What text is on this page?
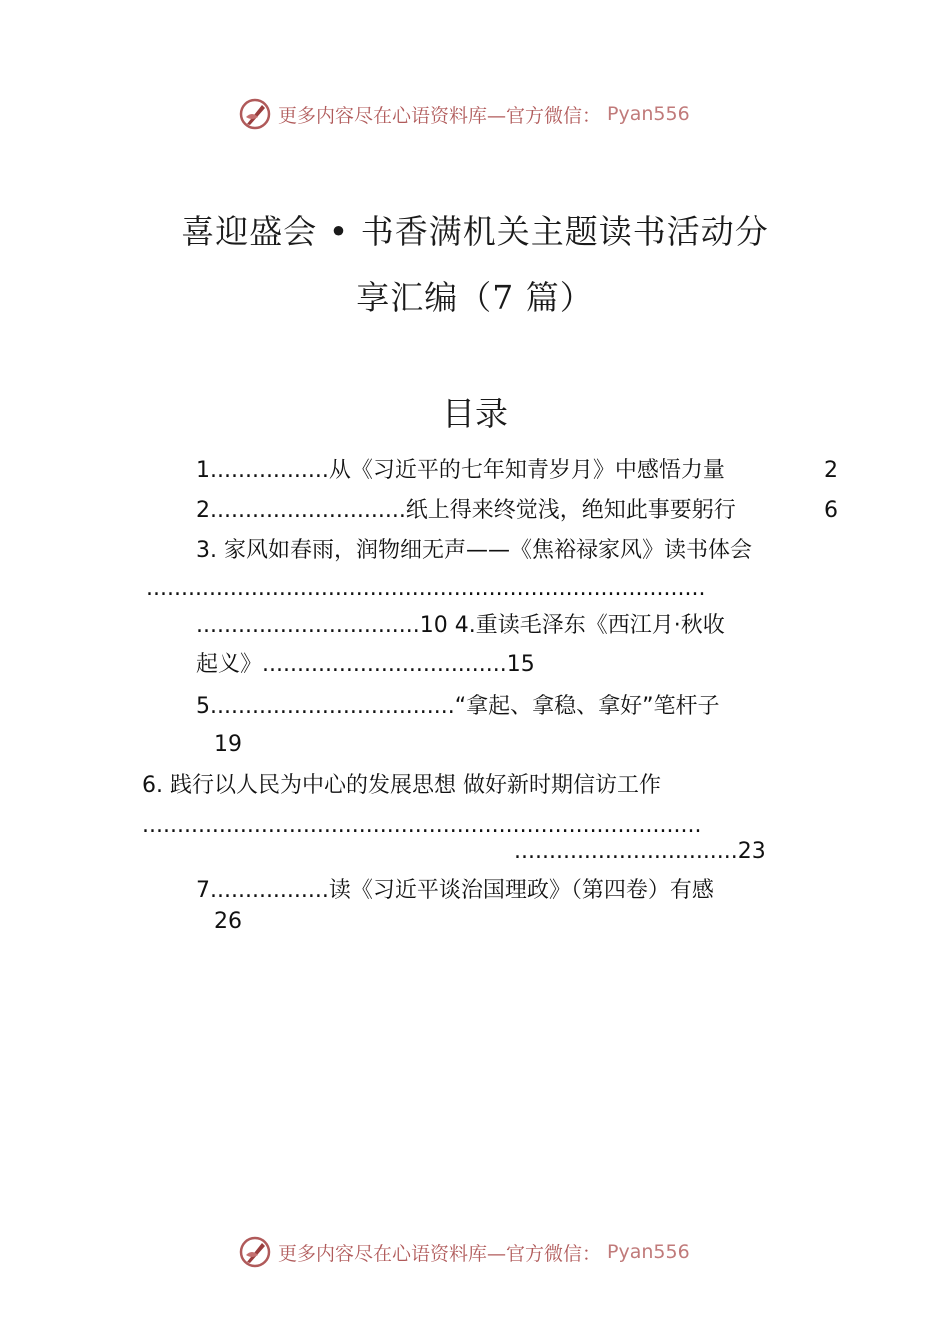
更多内容尽在心语资料库—官方微信： Pyan556
喜迎盛会 • 书香满机关主题读书活动分
享汇编（7 篇）
目录
1.................从《习近平的七年知青岁月》中感悟力量	2
2............................纸上得来终觉浅，绝知此事要躬行	6
3. 家风如春雨，润物细无声——《焦裕禄家风》读书体会
................................................................................
................................10 4.重读毛泽东《西江月·秋收
起义》...................................15
5...................................“拿起、拿稳、拿好”笔杆子
19
6. 践行以人民为中心的发展思想 做好新时期信访工作
................................................................................
................................23
7.................读《习近平谈治国理政》（第四卷）有感
26
更多内容尽在心语资料库—官方微信： Pyan556
